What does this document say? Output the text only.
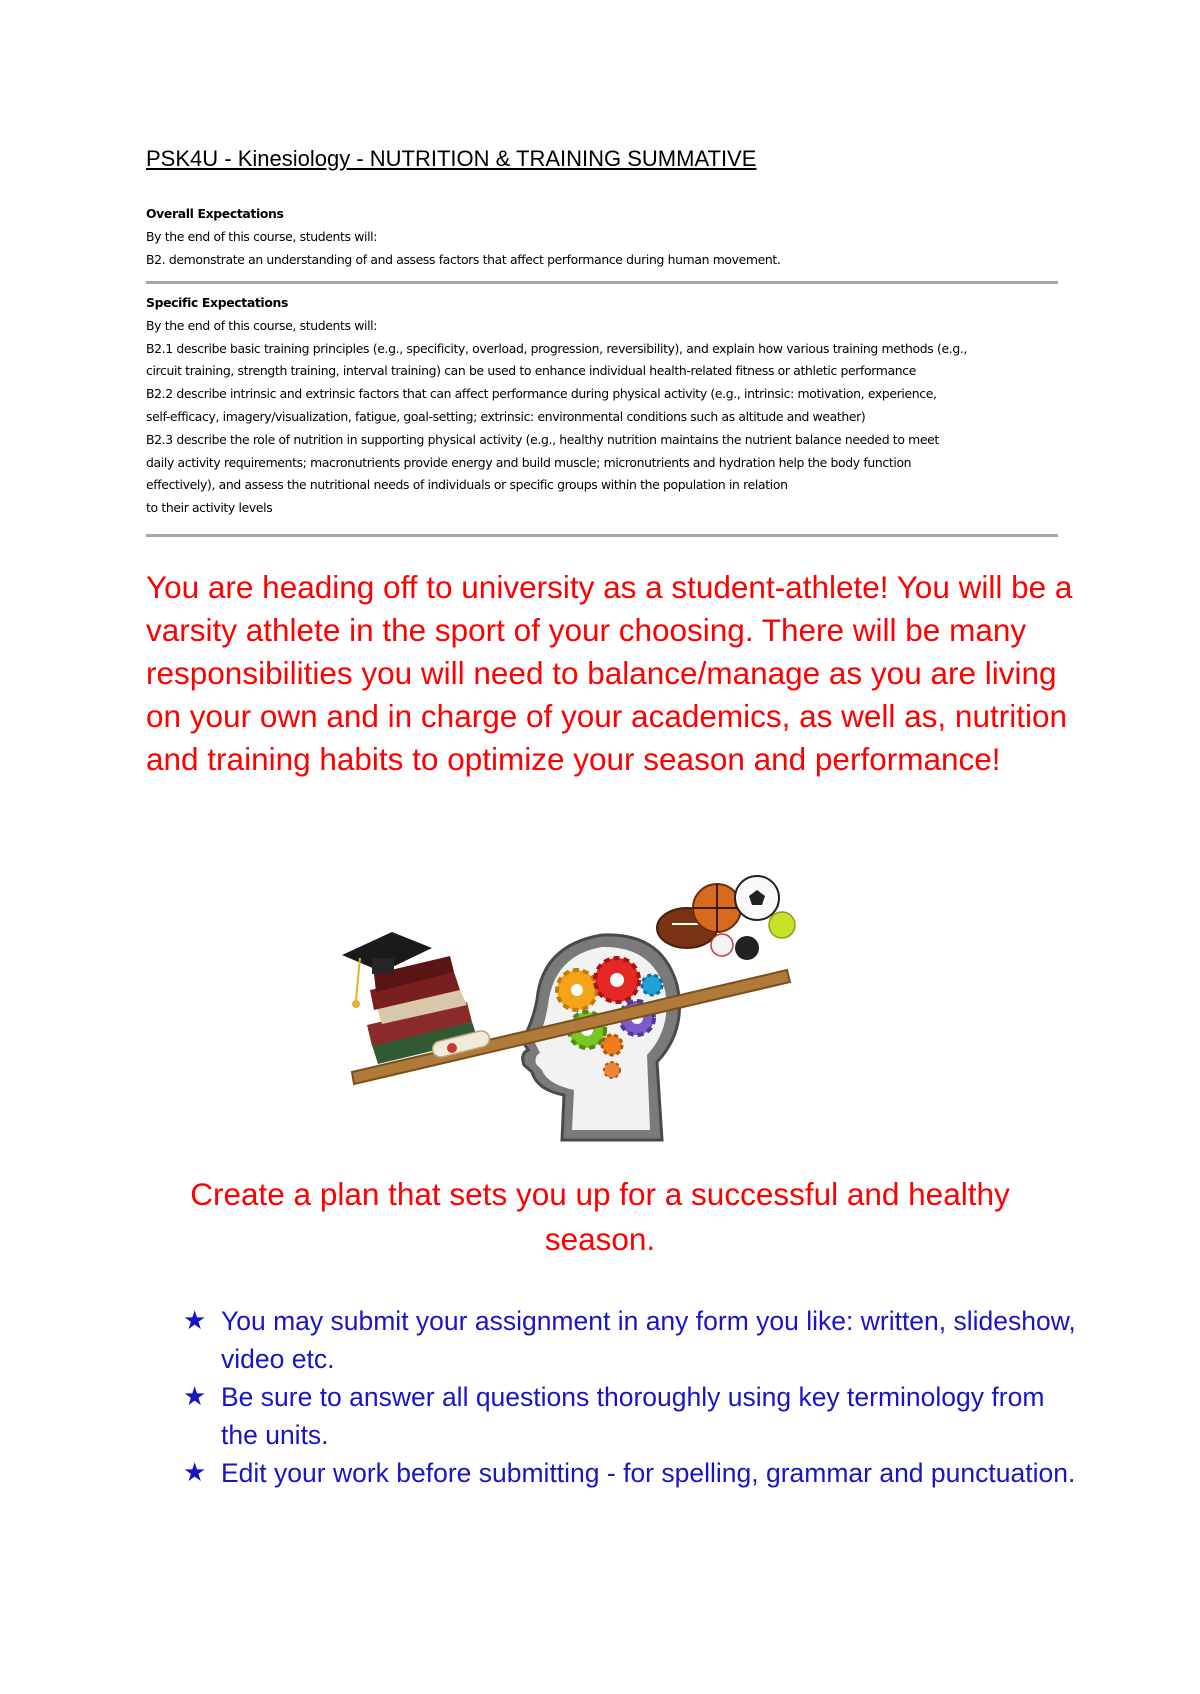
PSK4U - Kinesiology - NUTRITION & TRAINING SUMMATIVE
Overall Expectations
By the end of this course, students will:
B2. demonstrate an understanding of and assess factors that affect performance during human movement.
Specific Expectations
By the end of this course, students will:
B2.1 describe basic training principles (e.g., specificity, overload, progression, reversibility), and explain how various training methods (e.g.,
circuit training, strength training, interval training) can be used to enhance individual health-related fitness or athletic performance
B2.2 describe intrinsic and extrinsic factors that can affect performance during physical activity (e.g., intrinsic: motivation, experience,
self-efficacy, imagery/visualization, fatigue, goal-setting; extrinsic: environmental conditions such as altitude and weather)
B2.3 describe the role of nutrition in supporting physical activity (e.g., healthy nutrition maintains the nutrient balance needed to meet
daily activity requirements; macronutrients provide energy and build muscle; micronutrients and hydration help the body function
effectively), and assess the nutritional needs of individuals or specific groups within the population in relation
to their activity levels
You are heading off to university as a student-athlete! You will be a varsity athlete in the sport of your choosing. There will be many responsibilities you will need to balance/manage as you are living on your own and in charge of your academics, as well as, nutrition and training habits to optimize your season and performance!
Create a plan that sets you up for a successful and healthy season.
★ You may submit your assignment in any form you like: written, slideshow, video etc.
★ Be sure to answer all questions thoroughly using key terminology from the units.
★ Edit your work before submitting - for spelling, grammar and punctuation.
